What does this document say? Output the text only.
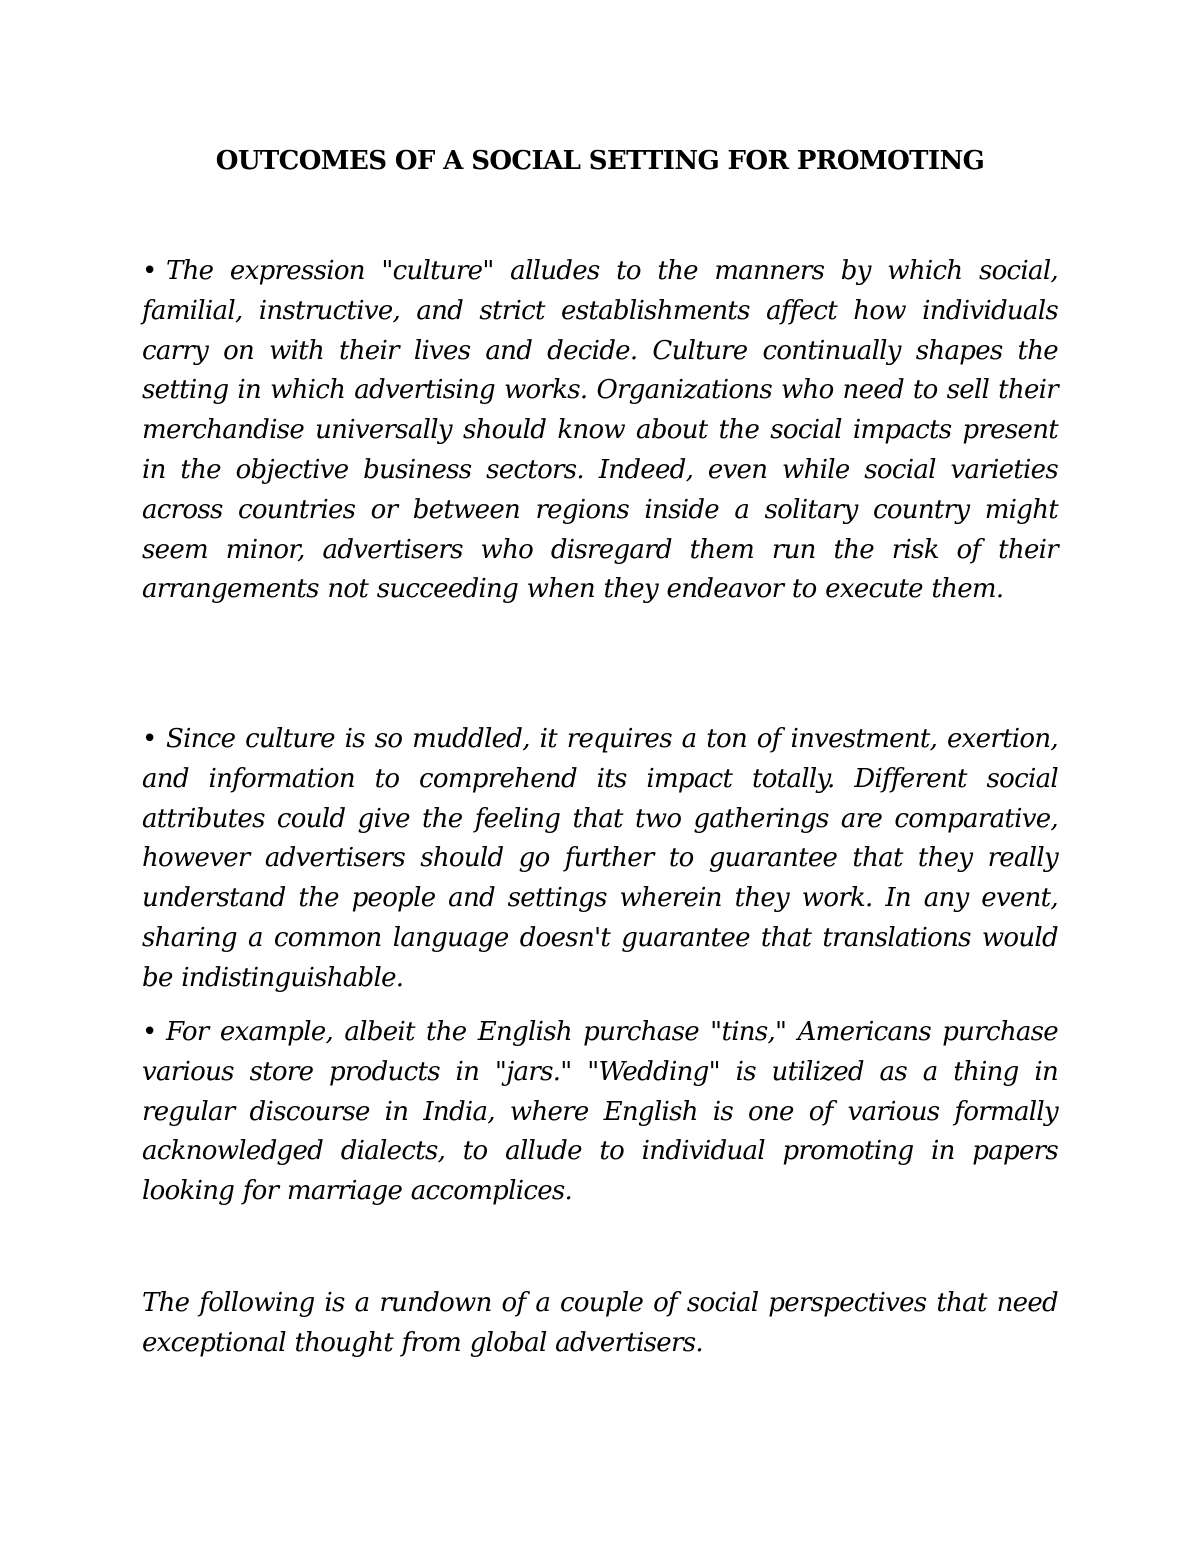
OUTCOMES OF A SOCIAL SETTING FOR PROMOTING

• The expression "culture" alludes to the manners by which social, familial, instructive, and strict establishments affect how individuals carry on with their lives and decide. Culture continually shapes the setting in which advertising works. Organizations who need to sell their merchandise universally should know about the social impacts present in the objective business sectors. Indeed, even while social varieties across countries or between regions inside a solitary country might seem minor, advertisers who disregard them run the risk of their arrangements not succeeding when they endeavor to execute them.

• Since culture is so muddled, it requires a ton of investment, exertion, and information to comprehend its impact totally. Different social attributes could give the feeling that two gatherings are comparative, however advertisers should go further to guarantee that they really understand the people and settings wherein they work. In any event, sharing a common language doesn't guarantee that translations would be indistinguishable.

• For example, albeit the English purchase "tins," Americans purchase various store products in "jars." "Wedding" is utilized as a thing in regular discourse in India, where English is one of various formally acknowledged dialects, to allude to individual promoting in papers looking for marriage accomplices.

The following is a rundown of a couple of social perspectives that need exceptional thought from global advertisers.
